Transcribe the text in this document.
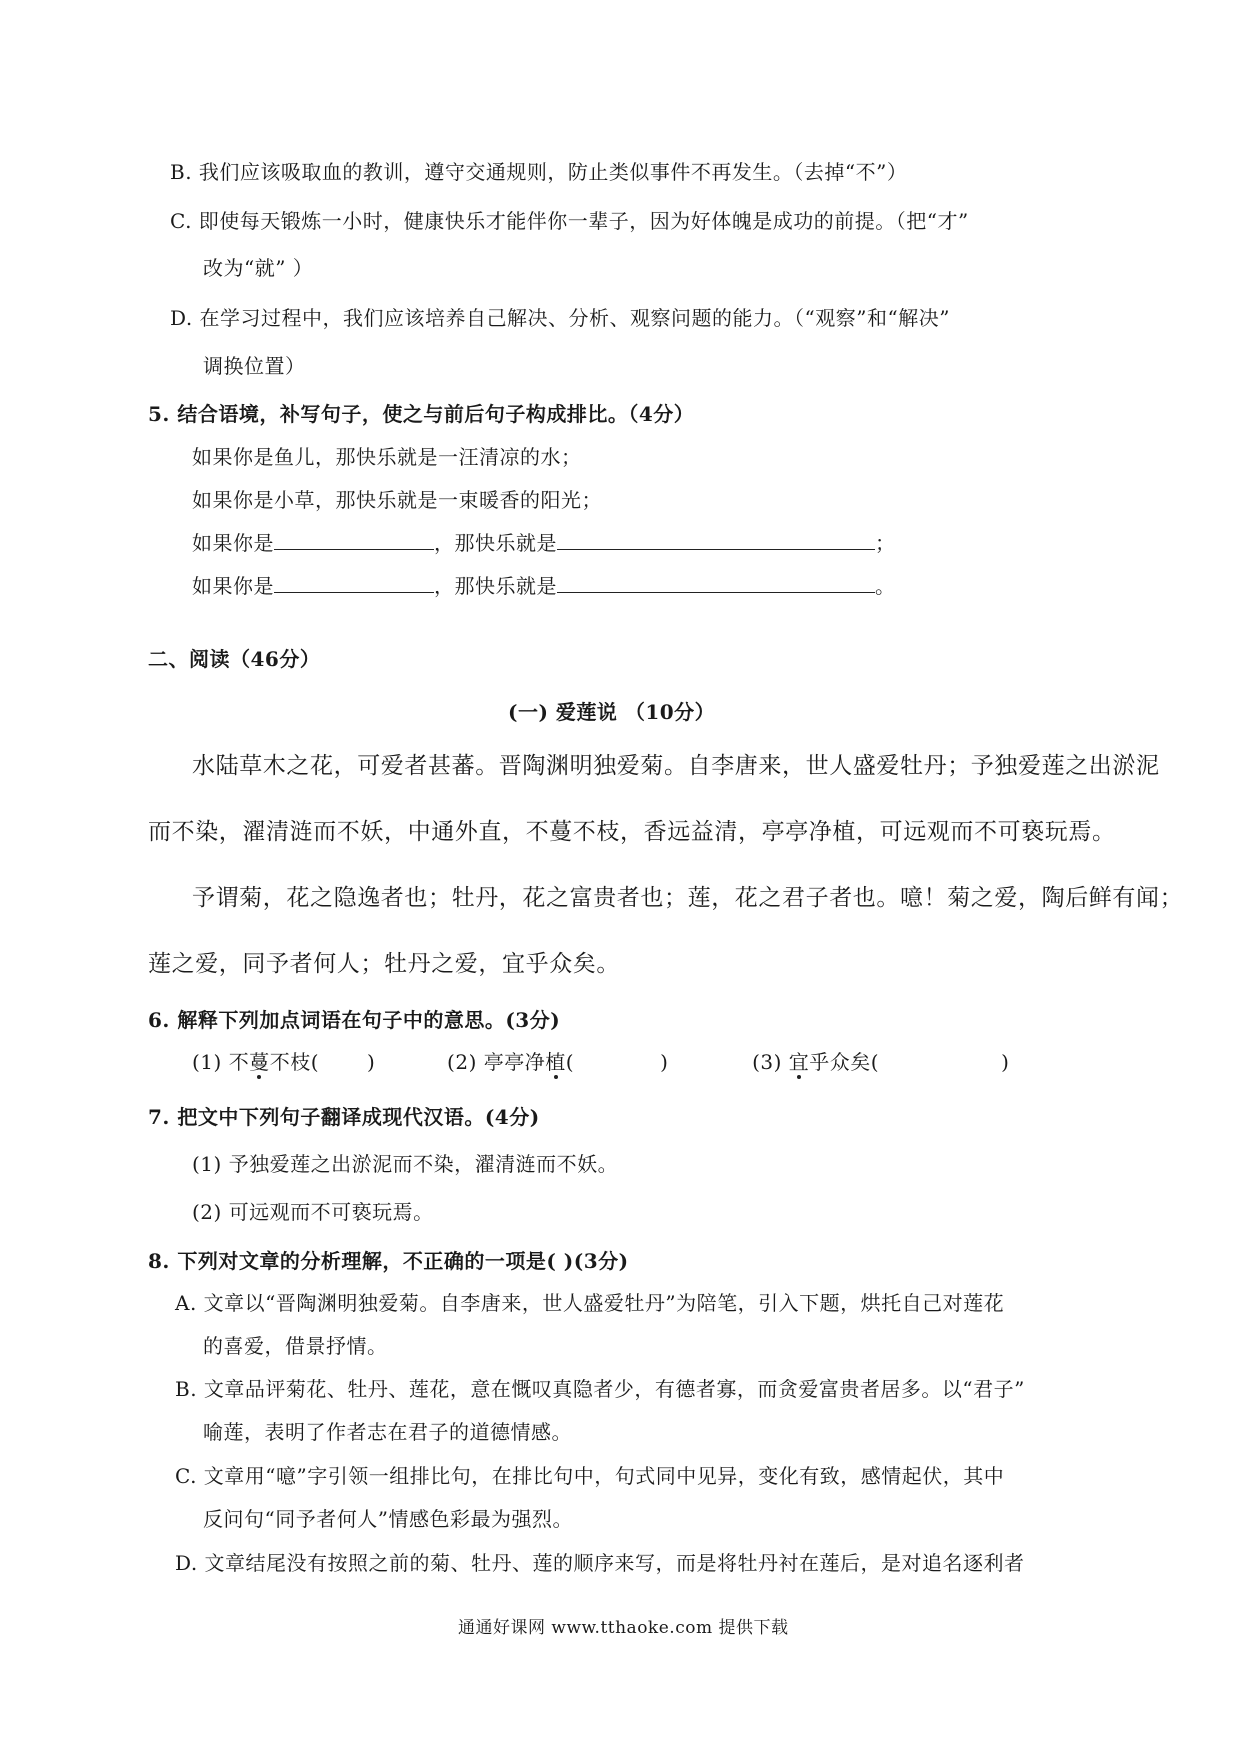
B. 我们应该吸取血的教训，遵守交通规则，防止类似事件不再发生。（去掉“不”）
C. 即使每天锻炼一小时，健康快乐才能伴你一辈子，因为好体魄是成功的前提。（把“才”
改为“就” ）
D. 在学习过程中，我们应该培养自己解决、分析、观察问题的能力。（“观察”和“解决”
调换位置）
5. 结合语境，补写句子，使之与前后句子构成排比。（4分）
如果你是鱼儿，那快乐就是一汪清凉的水；
如果你是小草，那快乐就是一束暖香的阳光；
如果你是	，那快乐就是	；
如果你是	，那快乐就是	。
二、阅读（46分）
(一) 爱莲说 （10分）
水陆草木之花，可爱者甚蕃。晋陶渊明独爱菊。自李唐来，世人盛爱牡丹；予独爱莲之出淤泥
而不染，濯清涟而不妖，中通外直，不蔓不枝，香远益清，亭亭净植，可远观而不可亵玩焉。
予谓菊，花之隐逸者也；牡丹，花之富贵者也；莲，花之君子者也。噫！菊之爱，陶后鲜有闻；
莲之爱，同予者何人；牡丹之爱，宜乎众矣。
6. 解释下列加点词语在句子中的意思。(3分)
(1) 不蔓不枝( )	(2) 亭亭净植(	)	(3) 宜乎众矣(	)
7. 把文中下列句子翻译成现代汉语。(4分)
(1) 予独爱莲之出淤泥而不染，濯清涟而不妖。
(2) 可远观而不可亵玩焉。
8. 下列对文章的分析理解，不正确的一项是( )(3分)
A. 文章以“晋陶渊明独爱菊。自李唐来，世人盛爱牡丹”为陪笔，引入下题，烘托自己对莲花
的喜爱，借景抒情。
B. 文章品评菊花、牡丹、莲花，意在慨叹真隐者少，有德者寡，而贪爱富贵者居多。以“君子”
喻莲，表明了作者志在君子的道德情感。
C. 文章用“噫”字引领一组排比句，在排比句中，句式同中见异，变化有致，感情起伏，其中
反问句“同予者何人”情感色彩最为强烈。
D. 文章结尾没有按照之前的菊、牡丹、莲的顺序来写，而是将牡丹衬在莲后，是对追名逐利者
通通好课网 www.tthaoke.com 提供下载
